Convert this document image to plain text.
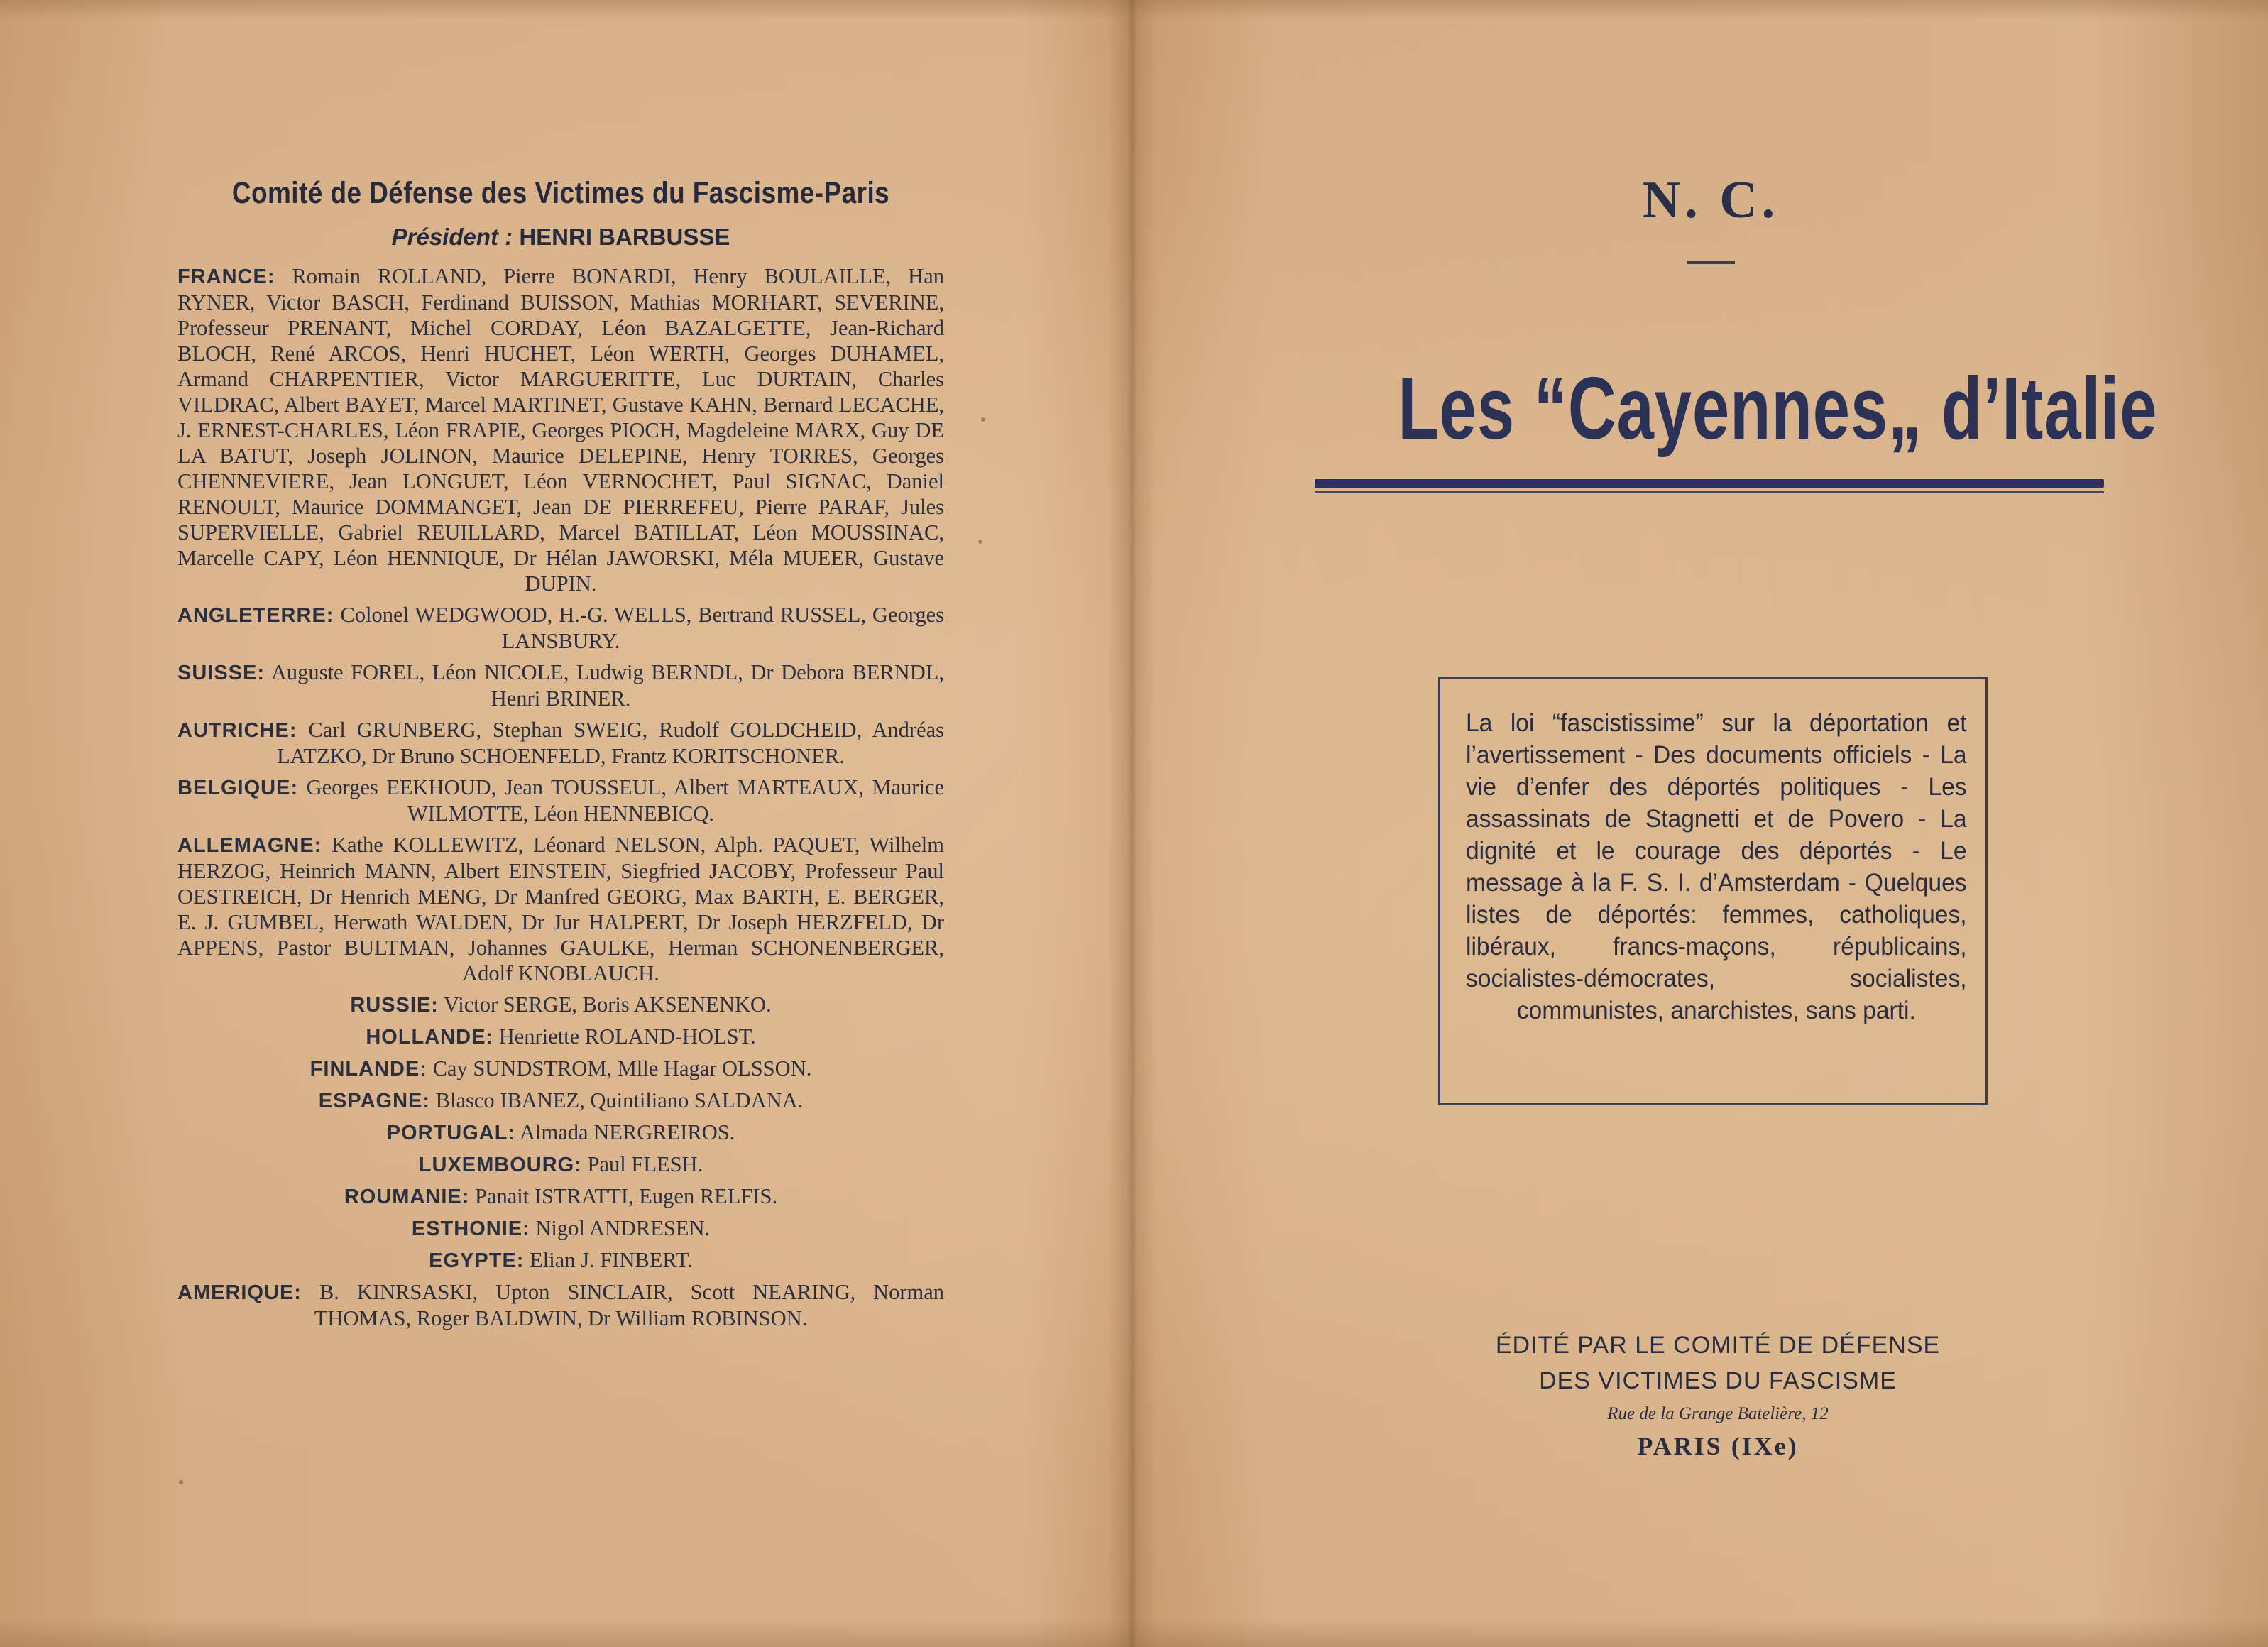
Comité de Défense des Victimes du Fascisme-Paris
Président : HENRI BARBUSSE
FRANCE: Romain ROLLAND, Pierre BONARDI, Henry BOULAILLE, Han RYNER, Victor BASCH, Ferdinand BUISSON, Mathias MORHART, SEVERINE, Professeur PRENANT, Michel CORDAY, Léon BAZALGETTE, Jean-Richard BLOCH, René ARCOS, Henri HUCHET, Léon WERTH, Georges DUHAMEL, Armand CHARPENTIER, Victor MARGUERITTE, Luc DURTAIN, Charles VILDRAC, Albert BAYET, Marcel MARTINET, Gustave KAHN, Bernard LECACHE, J. ERNEST-CHARLES, Léon FRAPIE, Georges PIOCH, Magdeleine MARX, Guy DE LA BATUT, Joseph JOLINON, Maurice DELEPINE, Henry TORRES, Georges CHENNEVIERE, Jean LONGUET, Léon VERNOCHET, Paul SIGNAC, Daniel RENOULT, Maurice DOMMANGET, Jean DE PIERREFEU, Pierre PARAF, Jules SUPERVIELLE, Gabriel REUILLARD, Marcel BATILLAT, Léon MOUSSINAC, Marcelle CAPY, Léon HENNIQUE, Dr Hélan JAWORSKI, Méla MUEER, Gustave DUPIN.
ANGLETERRE: Colonel WEDGWOOD, H.-G. WELLS, Bertrand RUSSEL, Georges LANSBURY.
SUISSE: Auguste FOREL, Léon NICOLE, Ludwig BERNDL, Dr Debora BERNDL, Henri BRINER.
AUTRICHE: Carl GRUNBERG, Stephan SWEIG, Rudolf GOLDCHEID, Andréas LATZKO, Dr Bruno SCHOENFELD, Frantz KORITSCHONER.
BELGIQUE: Georges EEKHOUD, Jean TOUSSEUL, Albert MARTEAUX, Maurice WILMOTTE, Léon HENNEBICQ.
ALLEMAGNE: Kathe KOLLEWITZ, Léonard NELSON, Alph. PAQUET, Wilhelm HERZOG, Heinrich MANN, Albert EINSTEIN, Siegfried JACOBY, Professeur Paul OESTREICH, Dr Henrich MENG, Dr Manfred GEORG, Max BARTH, E. BERGER, E. J. GUMBEL, Herwath WALDEN, Dr Jur HALPERT, Dr Joseph HERZFELD, Dr APPENS, Pastor BULTMAN, Johannes GAULKE, Herman SCHONENBERGER, Adolf KNOBLAUCH.
RUSSIE: Victor SERGE, Boris AKSENENKO.
HOLLANDE: Henriette ROLAND-HOLST.
FINLANDE: Cay SUNDSTROM, Mlle Hagar OLSSON.
ESPAGNE: Blasco IBANEZ, Quintiliano SALDANA.
PORTUGAL: Almada NERGREIROS.
LUXEMBOURG: Paul FLESH.
ROUMANIE: Panait ISTRATTI, Eugen RELFIS.
ESTHONIE: Nigol ANDRESEN.
EGYPTE: Elian J. FINBERT.
AMERIQUE: B. KINRSASKI, Upton SINCLAIR, Scott NEARING, Norman THOMAS, Roger BALDWIN, Dr William ROBINSON.
N. C.
Les “Cayennes„ d’Italie
La loi “fascistissime” sur la déportation et l’avertissement - Des documents officiels - La vie d’enfer des déportés politiques - Les assassinats de Stagnetti et de Povero - La dignité et le courage des déportés - Le message à la F. S. I. d’Amsterdam - Quelques listes de déportés: femmes, catholiques, libéraux, francs-maçons, républicains, socialistes-démocrates, socialistes, communistes, anarchistes, sans parti.
ÉDITÉ PAR LE COMITÉ DE DÉFENSE
DES VICTIMES DU FASCISME
Rue de la Grange Batelière, 12
PARIS (IXe)
